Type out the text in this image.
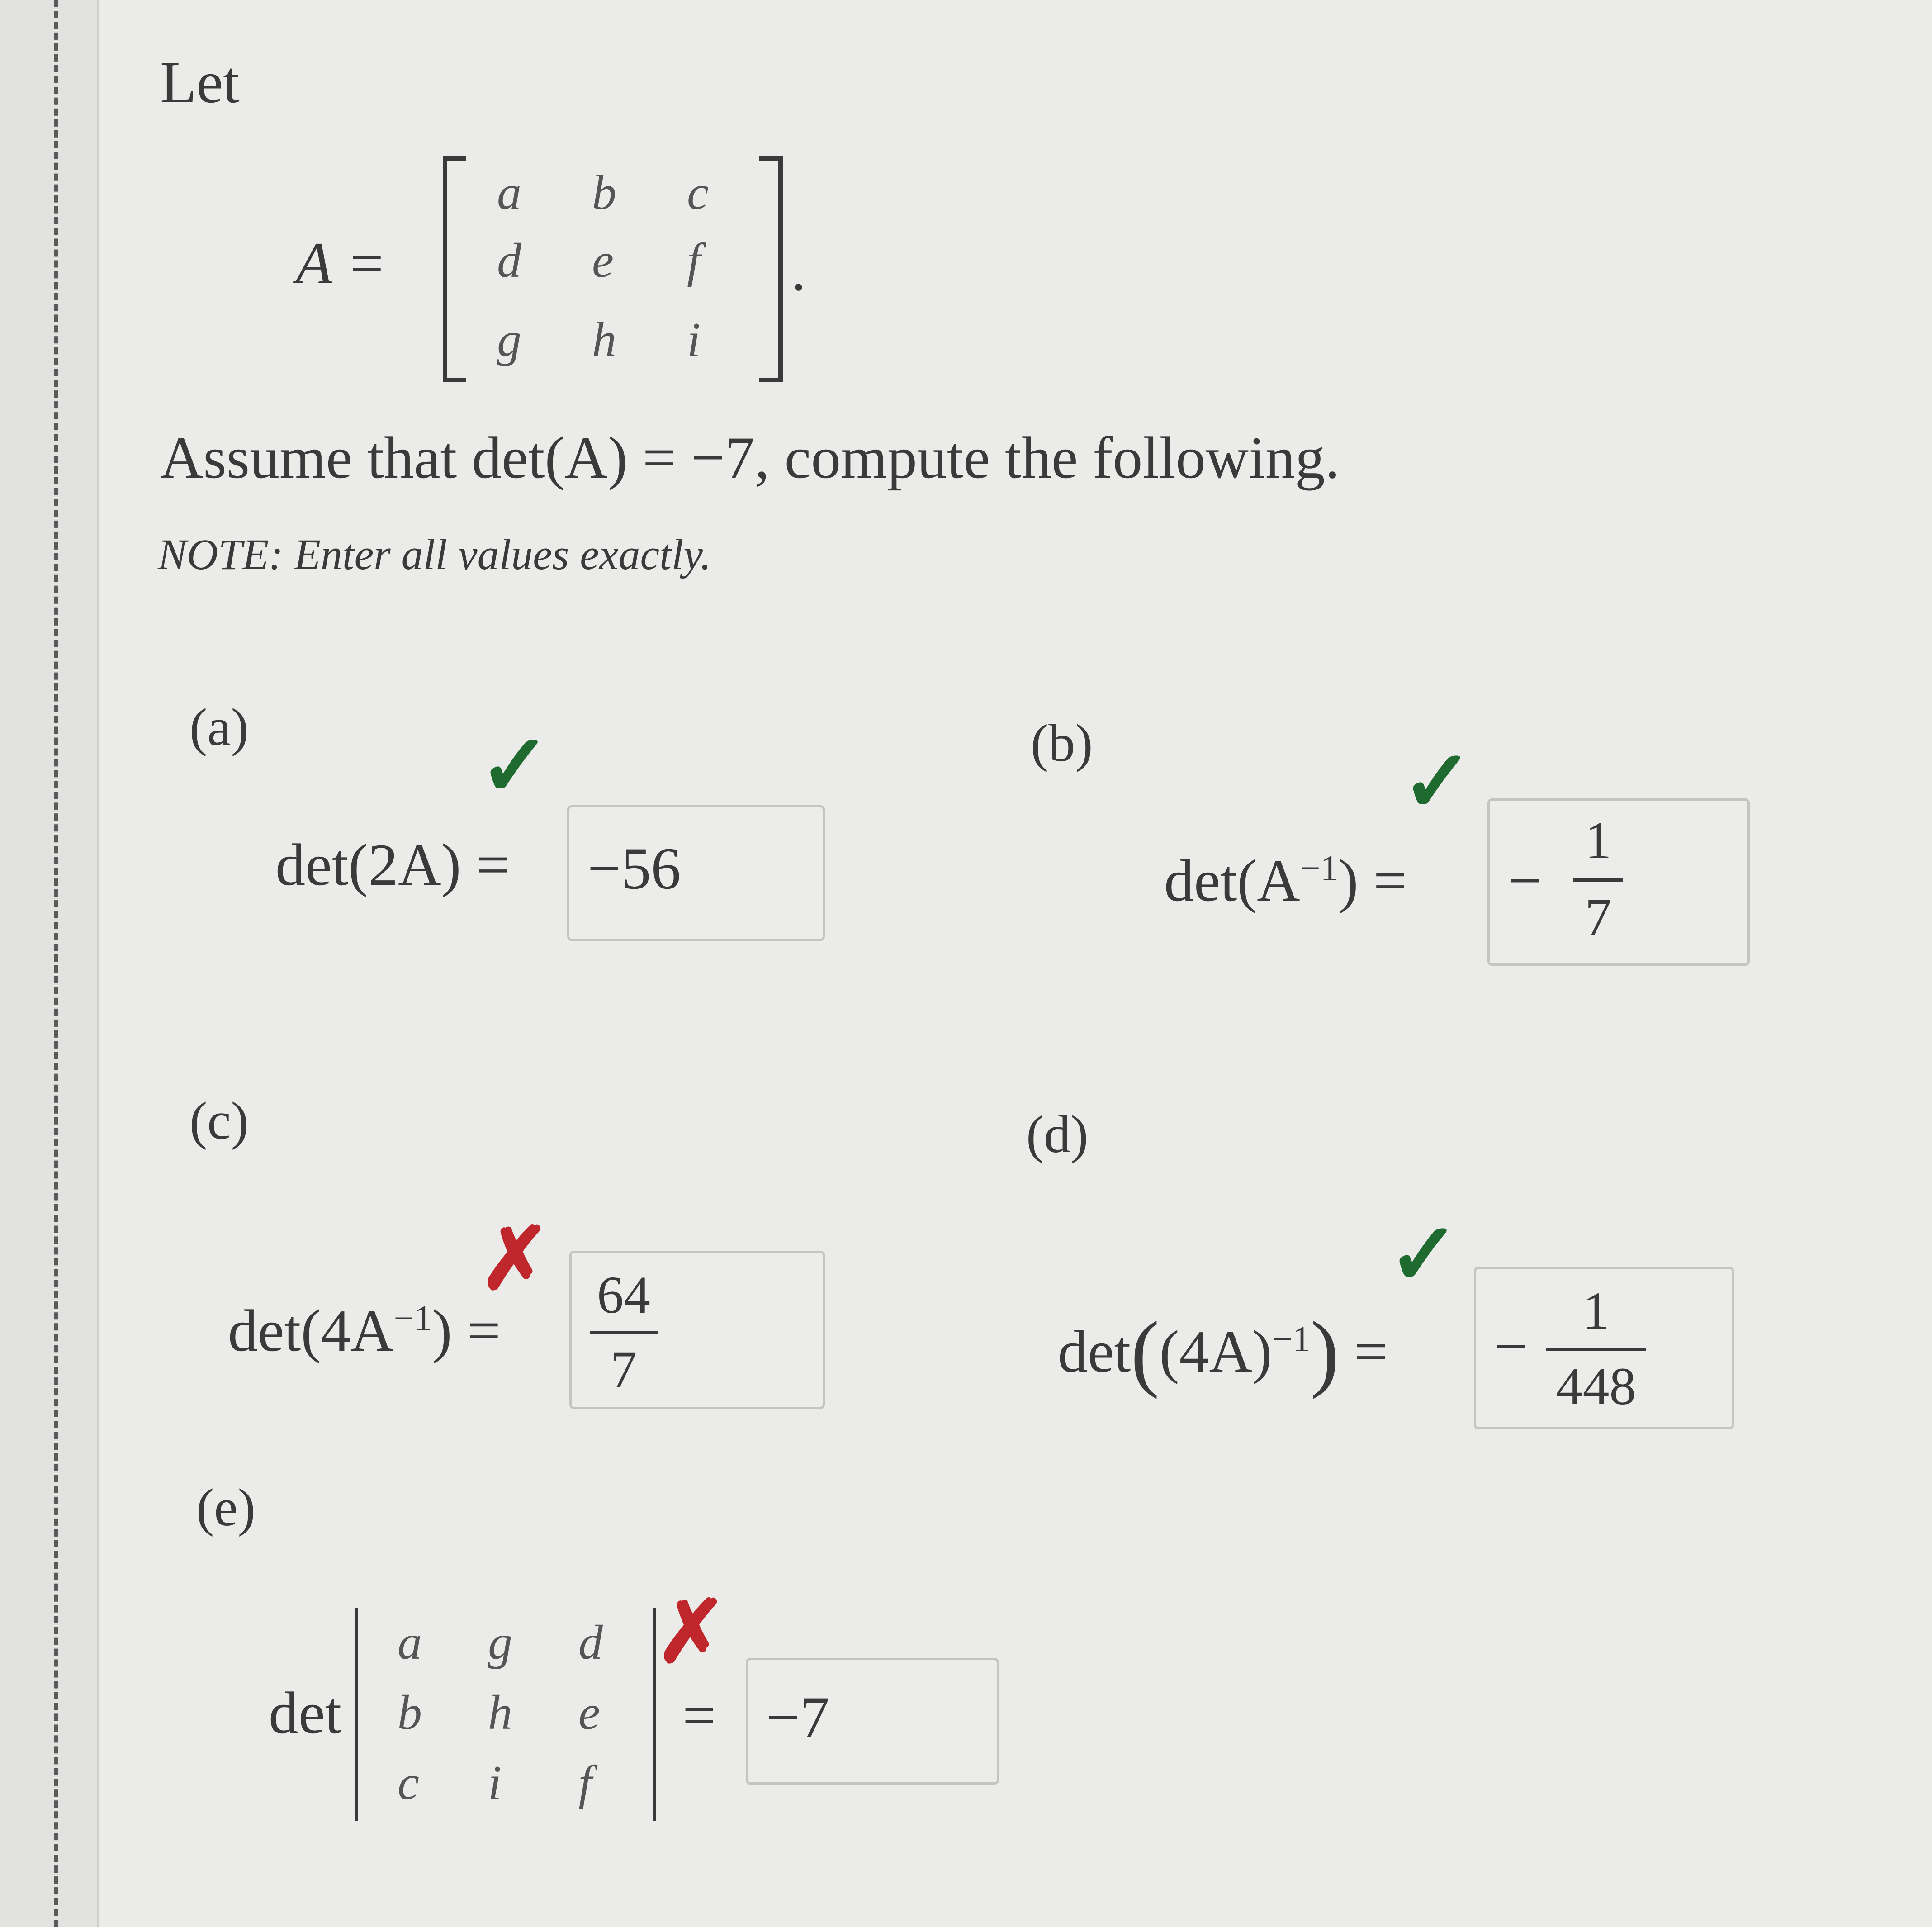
Let
A =
a b c
d e f
g h i
.
Assume that det(A) = −7, compute the following.
NOTE: Enter all values exactly.
(a)	✓
det(2A) = −56
(b)	✓
$\det(A^{-1})$ = −
1
7
(c)
✗
$\det(4A^{-1})$ =
64
7
(d)
✓
$\det((4A)^{-1})$ = −
1
448
(e)
det
a g d
b h e
c i f
✗
= −7
